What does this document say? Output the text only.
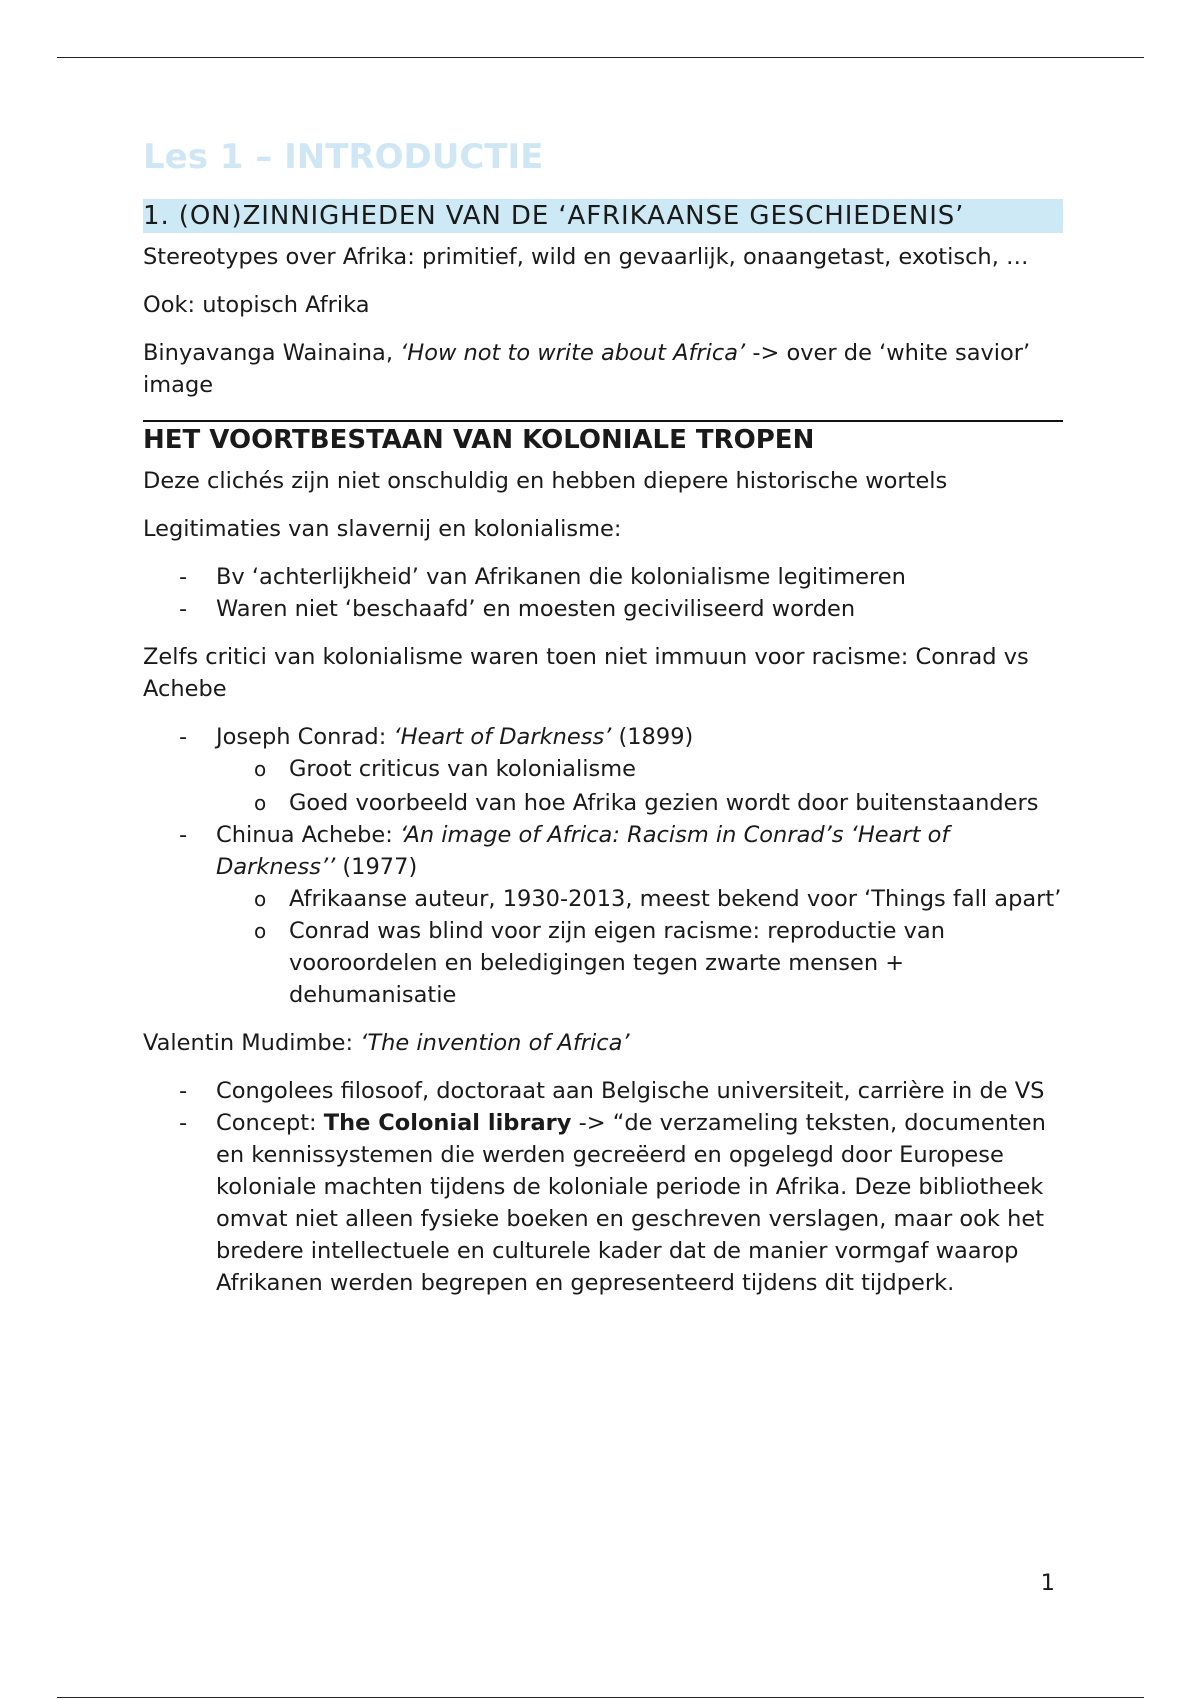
Les 1 – INTRODUCTIE
1. (ON)ZINNIGHEDEN VAN DE ‘AFRIKAANSE GESCHIEDENIS’

Stereotypes over Afrika: primitief, wild en gevaarlijk, onaangetast, exotisch, …

Ook: utopisch Afrika

Binyavanga Wainaina, ‘How not to write about Africa’ -> over de ‘white savior’ image

HET VOORTBESTAAN VAN KOLONIALE TROPEN

Deze clichés zijn niet onschuldig en hebben diepere historische wortels

Legitimaties van slavernij en kolonialisme:

- Bv ‘achterlijkheid’ van Afrikanen die kolonialisme legitimeren
- Waren niet ‘beschaafd’ en moesten geciviliseerd worden

Zelfs critici van kolonialisme waren toen niet immuun voor racisme: Conrad vs Achebe

- Joseph Conrad: ‘Heart of Darkness’ (1899)
o Groot criticus van kolonialisme
o Goed voorbeeld van hoe Afrika gezien wordt door buitenstaanders
- Chinua Achebe: ‘An image of Africa: Racism in Conrad’s ‘Heart of Darkness’’ (1977)
o Afrikaanse auteur, 1930-2013, meest bekend voor ‘Things fall apart’
o Conrad was blind voor zijn eigen racisme: reproductie van vooroordelen en beledigingen tegen zwarte mensen + dehumanisatie

Valentin Mudimbe: ‘The invention of Africa’

- Congolees filosoof, doctoraat aan Belgische universiteit, carrière in de VS
- Concept: The Colonial library -> “de verzameling teksten, documenten en kennissystemen die werden gecreëerd en opgelegd door Europese koloniale machten tijdens de koloniale periode in Afrika. Deze bibliotheek omvat niet alleen fysieke boeken en geschreven verslagen, maar ook het bredere intellectuele en culturele kader dat de manier vormgaf waarop Afrikanen werden begrepen en gepresenteerd tijdens dit tijdperk.
1
